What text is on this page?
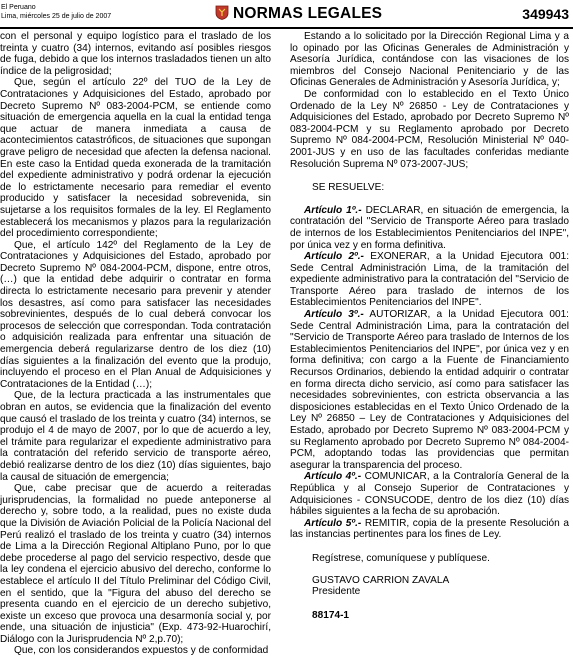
El Peruano
Lima, miércoles 25 de julio de 2007	NORMAS LEGALES	349943

con el personal y equipo logístico para el traslado de los treinta y cuatro (34) internos, evitando así posibles riesgos de fuga, debido a que los internos trasladados tienen un alto índice de la peligrosidad;

Que, según el artículo 22º del TUO de la Ley de Contrataciones y Adquisiciones del Estado, aprobado por Decreto Supremo Nº 083-2004-PCM, se entiende como situación de emergencia aquella en la cual la entidad tenga que actuar de manera inmediata a causa de acontecimientos catastróficos, de situaciones que supongan grave peligro de necesidad que afecten la defensa nacional. En este caso la Entidad queda exonerada de la tramitación del expediente administrativo y podrá ordenar la ejecución de lo estrictamente necesario para remediar el evento producido y satisfacer la necesidad sobrevenida, sin sujetarse a los requisitos formales de la ley. El Reglamento establecerá los mecanismos y plazos para la regularización del procedimiento correspondiente;

Que, el artículo 142º del Reglamento de la Ley de Contrataciones y Adquisiciones del Estado, aprobado por Decreto Supremo Nº 084-2004-PCM, dispone, entre otros, (…) que la entidad debe adquirir o contratar en forma directa lo estrictamente necesario para prevenir y atender los desastres, así como para satisfacer las necesidades sobrevinientes, después de lo cual deberá convocar los procesos de selección que correspondan. Toda contratación o adquisición realizada para enfrentar una situación de emergencia deberá regularizarse dentro de los diez (10) días siguientes a la finalización del evento que la produjo, incluyendo el proceso en el Plan Anual de Adquisiciones y Contrataciones de la Entidad (…);

Que, de la lectura practicada a las instrumentales que obran en autos, se evidencia que la finalización del evento que causó el traslado de los treinta y cuatro (34) internos, se produjo el 4 de mayo de 2007, por lo que de acuerdo a ley, el trámite para regularizar el expediente administrativo para la contratación del referido servicio de transporte aéreo, debió realizarse dentro de los diez (10) días siguientes, bajo la causal de situación de emergencia;

Que, cabe precisar que de acuerdo a reiteradas jurisprudencias, la formalidad no puede anteponerse al derecho y, sobre todo, a la realidad, pues no existe duda que la División de Aviación Policial de la Policía Nacional del Perú realizó el traslado de los treinta y cuatro (34) internos de Lima a la Dirección Regional Altiplano Puno, por lo que debe procederse al pago del servicio respectivo, desde que la ley condena el ejercicio abusivo del derecho, conforme lo establece el artículo II del Título Preliminar del Código Civil, en el sentido, que la "Figura del abuso del derecho se presenta cuando en el ejercicio de un derecho subjetivo, existe un exceso que provoca una desarmonía social y, por ende, una situación de injusticia" (Exp. 473-92-Huarochirí, Diálogo con la Jurisprudencia Nº 2,p.70);

Que, con los considerandos expuestos y de conformidad

Estando a lo solicitado por la Dirección Regional Lima y a lo opinado por las Oficinas Generales de Administración y Asesoría Jurídica, contándose con las visaciones de los miembros del Consejo Nacional Penitenciario y de las Oficinas Generales de Administración y Asesoría Jurídica, y;

De conformidad con lo establecido en el Texto Único Ordenado de la Ley Nº 26850 - Ley de Contrataciones y Adquisiciones del Estado, aprobado por Decreto Supremo Nº 083-2004-PCM y su Reglamento aprobado por Decreto Supremo Nº 084-2004-PCM, Resolución Ministerial Nº 040-2001-JUS y en uso de las facultades conferidas mediante Resolución Suprema Nº 073-2007-JUS;

SE RESUELVE:

Artículo 1º.- DECLARAR, en situación de emergencia, la contratación del "Servicio de Transporte Aéreo para traslado de internos de los Establecimientos Penitenciarios del INPE", por única vez y en forma definitiva.

Artículo 2º.- EXONERAR, a la Unidad Ejecutora 001: Sede Central Administración Lima, de la tramitación del expediente administrativo para la contratación del "Servicio de Transporte Aéreo para traslado de internos de los Establecimientos Penitenciarios del INPE".

Artículo 3º.- AUTORIZAR, a la Unidad Ejecutora 001: Sede Central Administración Lima, para la contratación del "Servicio de Transporte Aéreo para traslado de Internos de los Establecimientos Penitenciarios del INPE", por única vez y en forma definitiva; con cargo a la Fuente de Financiamiento Recursos Ordinarios, debiendo la entidad adquirir o contratar en forma directa dicho servicio, así como para satisfacer las necesidades sobrevinientes, con estricta observancia a las disposiciones establecidas en el Texto Único Ordenado de la Ley Nº 26850 – Ley de Contrataciones y Adquisiciones del Estado, aprobado por Decreto Supremo Nº 083-2004-PCM y su Reglamento aprobado por Decreto Supremo Nº 084-2004-PCM, adoptando todas las providencias que permitan asegurar la transparencia del proceso.

Artículo 4º.- COMUNICAR, a la Contraloría General de la República y al Consejo Superior de Contrataciones y Adquisiciones - CONSUCODE, dentro de los diez (10) días hábiles siguientes a la fecha de su aprobación.

Artículo 5º.- REMITIR, copia de la presente Resolución a las instancias pertinentes para los fines de Ley.

Regístrese, comuníquese y publíquese.
GUSTAVO CARRION ZAVALA
Presidente
88174-1
